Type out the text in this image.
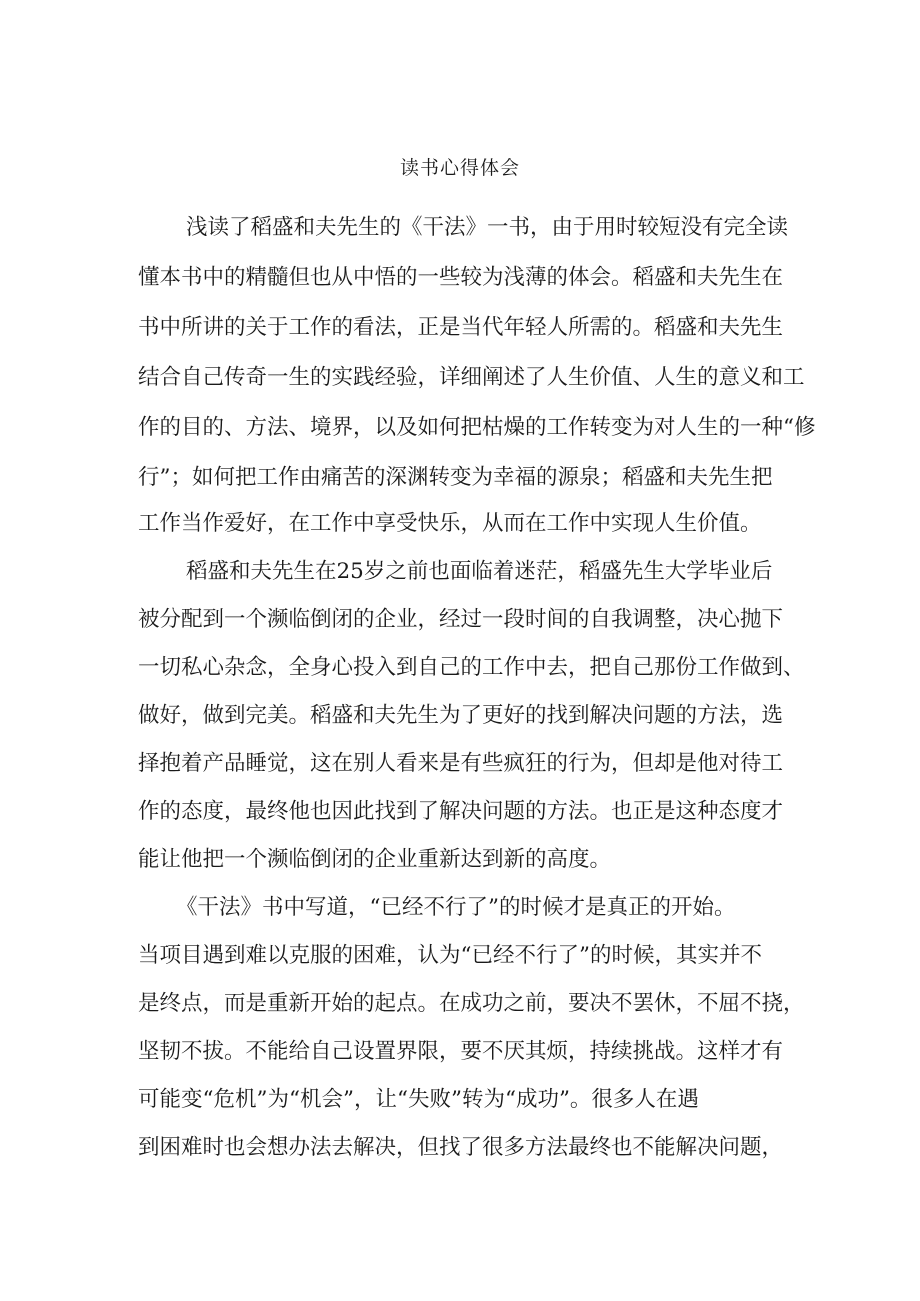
读书心得体会
浅读了稻盛和夫先生的《干法》一书，由于用时较短没有完全读
懂本书中的精髓但也从中悟的一些较为浅薄的体会。稻盛和夫先生在
书中所讲的关于工作的看法，正是当代年轻人所需的。稻盛和夫先生
结合自己传奇一生的实践经验，详细阐述了人生价值、人生的意义和工
作的目的、方法、境界，以及如何把枯燥的工作转变为对人生的一种“修
行”；如何把工作由痛苦的深渊转变为幸福的源泉；稻盛和夫先生把
工作当作爱好，在工作中享受快乐，从而在工作中实现人生价值。
稻盛和夫先生在25岁之前也面临着迷茫，稻盛先生大学毕业后
被分配到一个濒临倒闭的企业，经过一段时间的自我调整，决心抛下
一切私心杂念，全身心投入到自己的工作中去，把自己那份工作做到、
做好，做到完美。稻盛和夫先生为了更好的找到解决问题的方法，选
择抱着产品睡觉，这在别人看来是有些疯狂的行为，但却是他对待工
作的态度，最终他也因此找到了解决问题的方法。也正是这种态度才
能让他把一个濒临倒闭的企业重新达到新的高度。
《干法》书中写道，“已经不行了”的时候才是真正的开始。
当项目遇到难以克服的困难，认为“已经不行了”的时候，其实并不
是终点，而是重新开始的起点。在成功之前，要决不罢休，不屈不挠，
坚韧不拔。不能给自己设置界限，要不厌其烦，持续挑战。这样才有
可能变“危机”为“机会”，让“失败”转为“成功”。很多人在遇
到困难时也会想办法去解决，但找了很多方法最终也不能解决问题，
